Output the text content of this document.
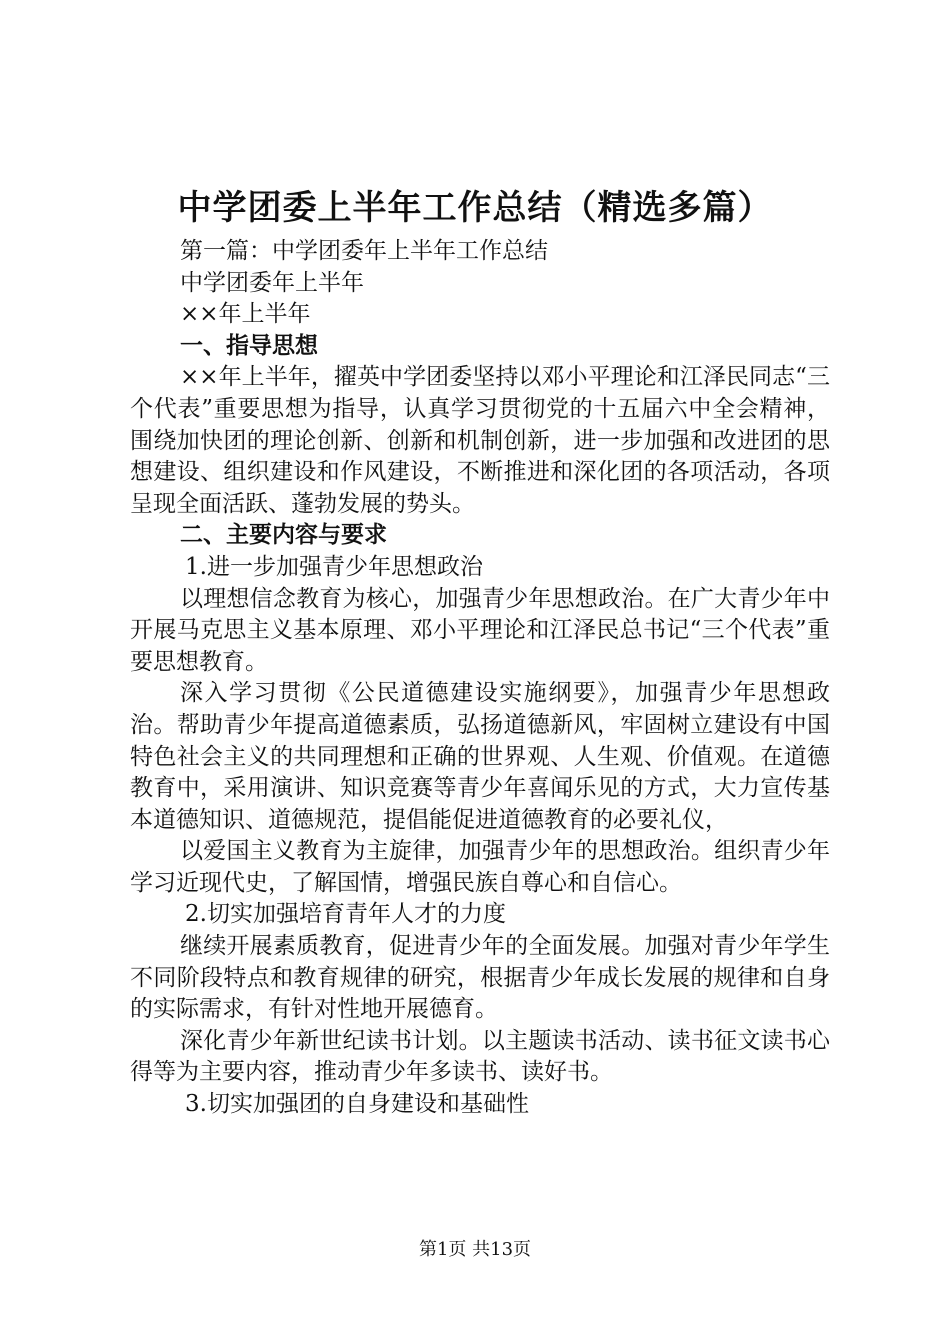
中学团委上半年工作总结（精选多篇）
第一篇：中学团委年上半年工作总结
中学团委年上半年
××年上半年
一、指导思想

××年上半年，擢英中学团委坚持以邓小平理论和江泽民同志“三个代表”重要思想为指导，认真学习贯彻党的十五届六中全会精神，围绕加快团的理论创新、创新和机制创新，进一步加强和改进团的思想建设、组织建设和作风建设，不断推进和深化团的各项活动，各项呈现全面活跃、蓬勃发展的势头。

二、主要内容与要求
1.进一步加强青少年思想政治

以理想信念教育为核心，加强青少年思想政治。在广大青少年中开展马克思主义基本原理、邓小平理论和江泽民总书记“三个代表”重要思想教育。

深入学习贯彻《公民道德建设实施纲要》，加强青少年思想政治。帮助青少年提高道德素质，弘扬道德新风，牢固树立建设有中国特色社会主义的共同理想和正确的世界观、人生观、价值观。在道德教育中，采用演讲、知识竞赛等青少年喜闻乐见的方式，大力宣传基本道德知识、道德规范，提倡能促进道德教育的必要礼仪，

以爱国主义教育为主旋律，加强青少年的思想政治。组织青少年学习近现代史，了解国情，增强民族自尊心和自信心。

2.切实加强培育青年人才的力度

继续开展素质教育，促进青少年的全面发展。加强对青少年学生不同阶段特点和教育规律的研究，根据青少年成长发展的规律和自身的实际需求，有针对性地开展德育。

深化青少年新世纪读书计划。以主题读书活动、读书征文读书心得等为主要内容，推动青少年多读书、读好书。

3.切实加强团的自身建设和基础性
第1页 共13页
